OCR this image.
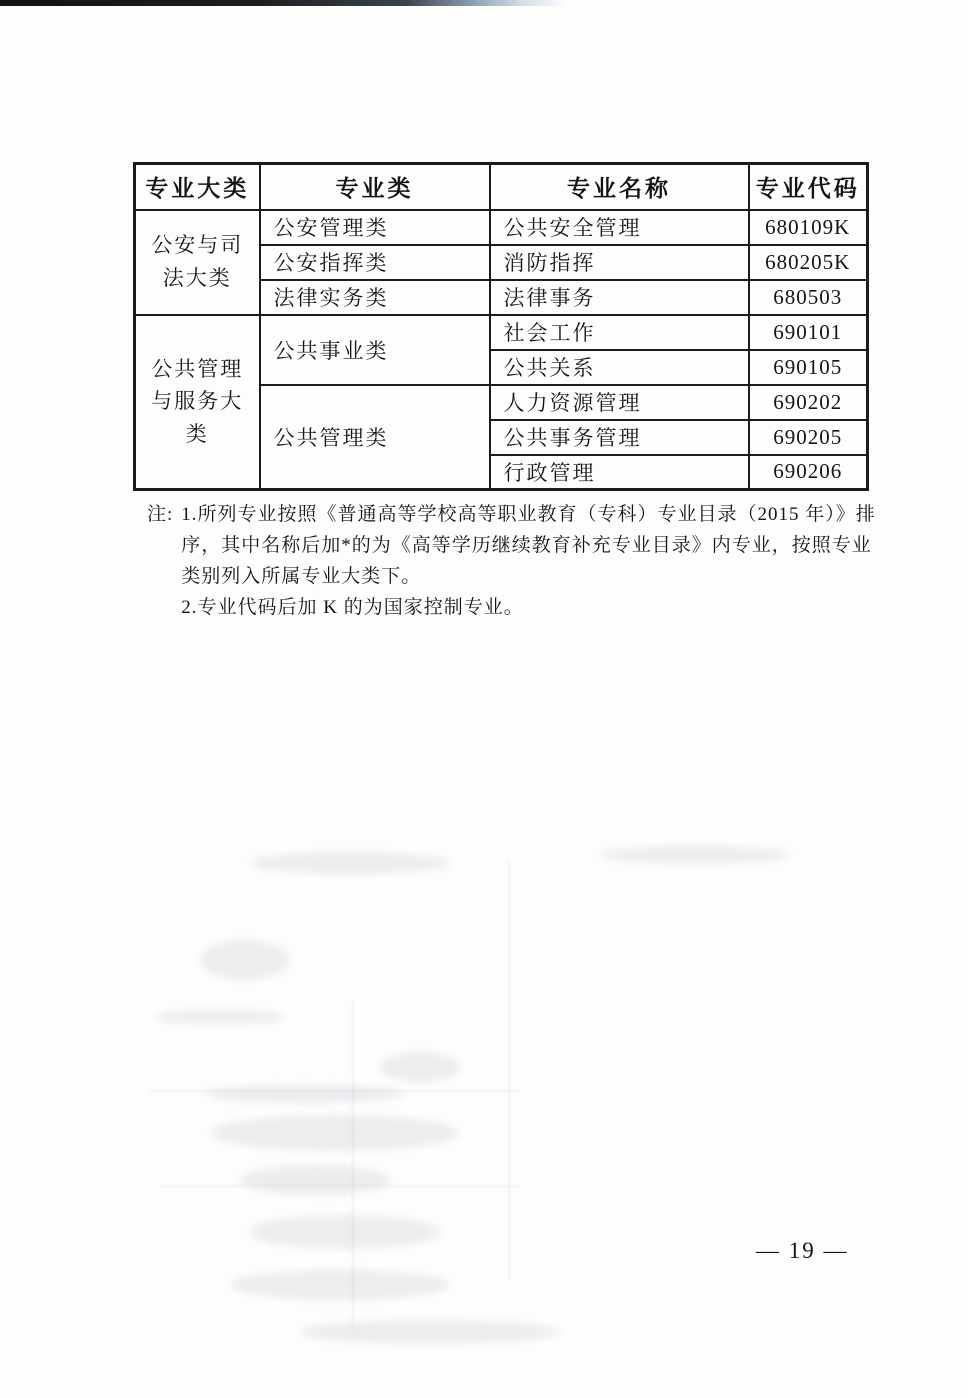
专业大类	专业类	专业名称	专业代码
公安与司法大类	公安管理类	公共安全管理	680109K
	公安指挥类	消防指挥	680205K
	法律实务类	法律事务	680503
公共管理与服务大类	公共事业类	社会工作	690101
		公共关系	690105
	公共管理类	人力资源管理	690202
		公共事务管理	690205
		行政管理	690206
注: 1.所列专业按照《普通高等学校高等职业教育（专科）专业目录（2015 年）》排
序，其中名称后加*的为《高等学历继续教育补充专业目录》内专业，按照专业
类别列入所属专业大类下。
2.专业代码后加 K 的为国家控制专业。
— 19 —
